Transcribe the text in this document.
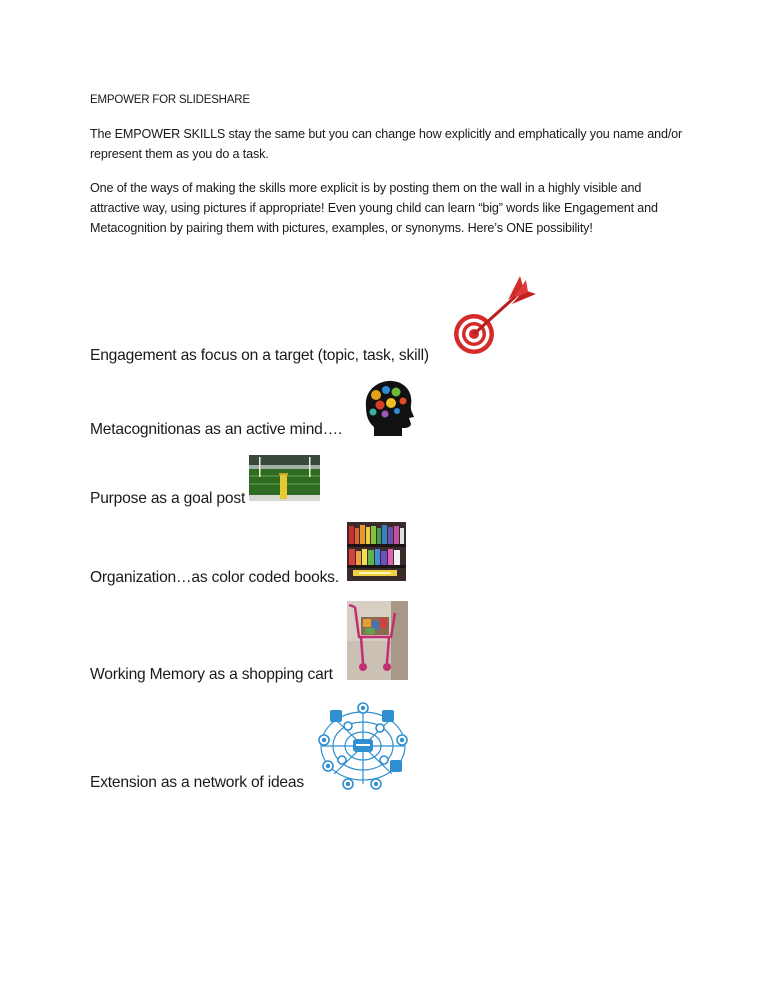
EMPOWER FOR SLIDESHARE

The EMPOWER SKILLS stay the same but you can change how explicitly and emphatically you name and/or represent them as you do a task.

One of the ways of making the skills more explicit is by posting them on the wall in a highly visible and attractive way, using pictures if appropriate! Even young child can learn “big” words like Engagement and Metacognition by pairing them with pictures, examples, or synonyms. Here’s ONE possibility!

Engagement as focus on a target (topic, task, skill)
Metacognitionas as an active mind….
Purpose as a goal post
Organization…as color coded books.
Working Memory as a shopping cart
Extension as a network of ideas
